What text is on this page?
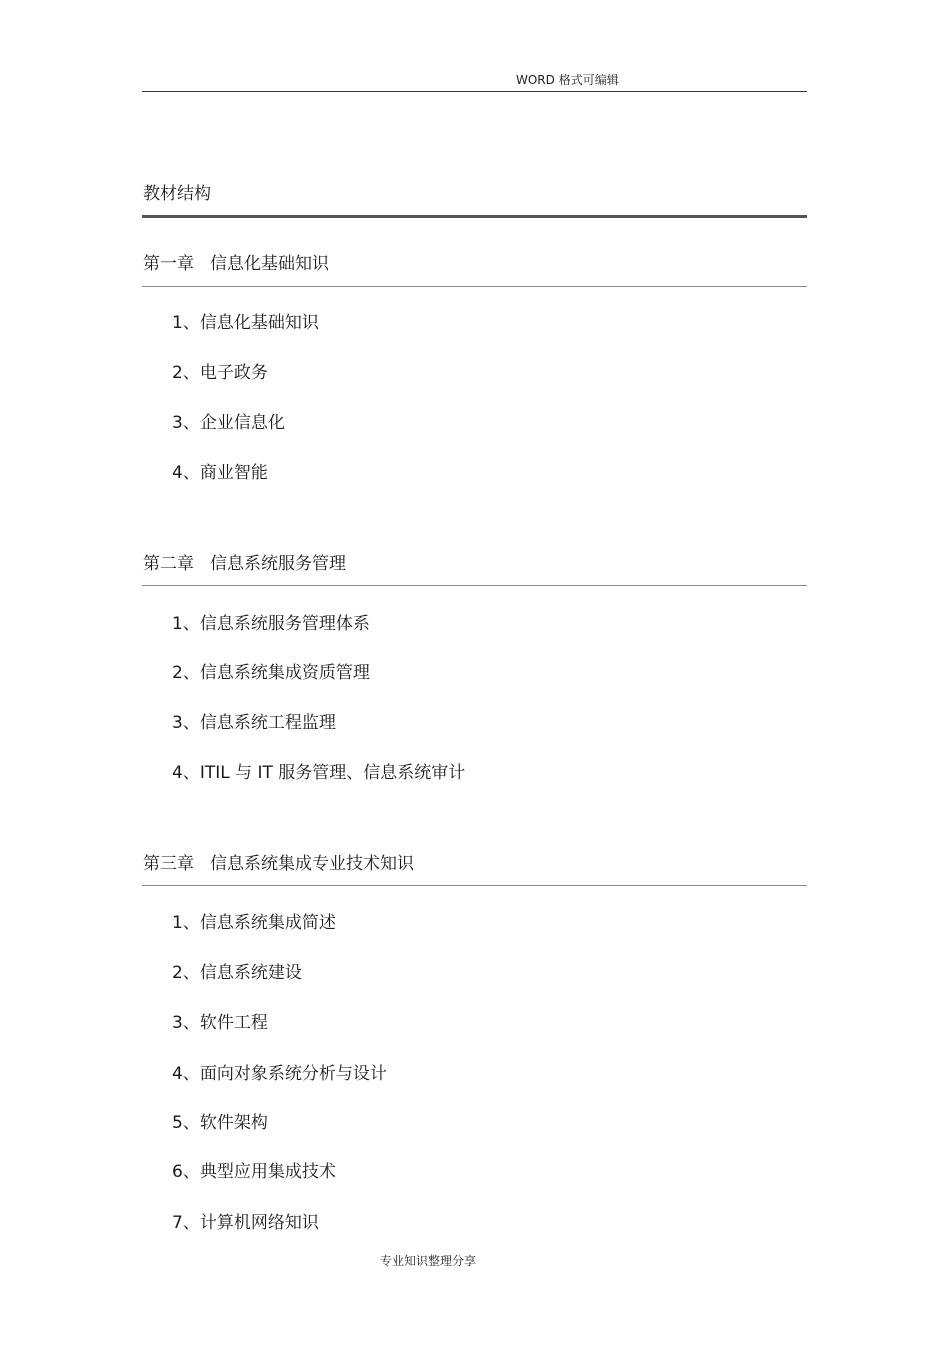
WORD 格式可编辑
教材结构
第一章 信息化基础知识
1、信息化基础知识
2、电子政务
3、企业信息化
4、商业智能
第二章 信息系统服务管理
1、信息系统服务管理体系
2、信息系统集成资质管理
3、信息系统工程监理
4、ITIL 与 IT 服务管理、信息系统审计
第三章 信息系统集成专业技术知识
1、信息系统集成简述
2、信息系统建设
3、软件工程
4、面向对象系统分析与设计
5、软件架构
6、典型应用集成技术
7、计算机网络知识
专业知识整理分享
